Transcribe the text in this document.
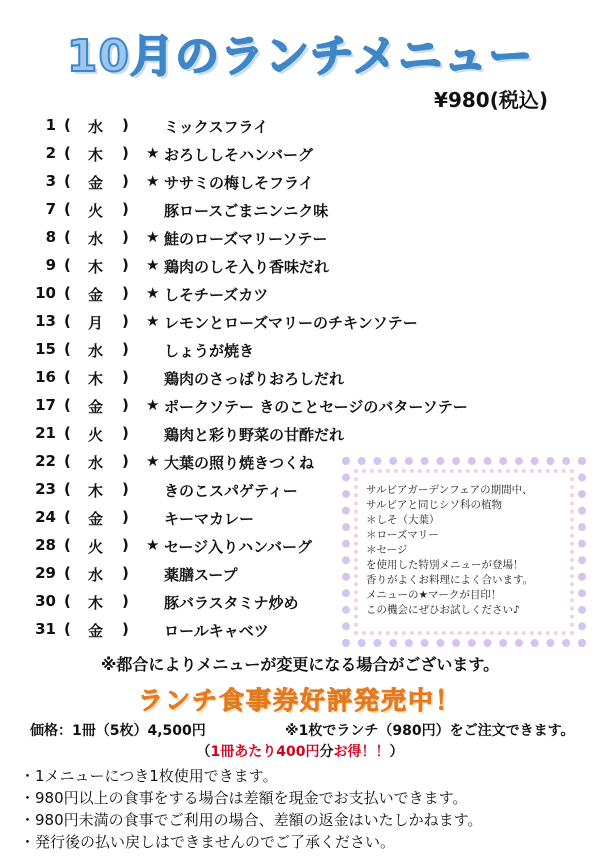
10月のランチメニュー
¥980(税込)
1 ( 水 ) ミックスフライ
2 ( 木 ) ★ おろししそハンバーグ
3 ( 金 ) ★ ササミの梅しそフライ
7 ( 火 ) 豚ロースごまニンニク味
8 ( 水 ) ★ 鮭のローズマリーソテー
9 ( 木 ) ★ 鶏肉のしそ入り香味だれ
10 ( 金 ) ★ しそチーズカツ
13 ( 月 ) ★ レモンとローズマリーのチキンソテー
15 ( 水 ) しょうが焼き
16 ( 木 ) 鶏肉のさっぱりおろしだれ
17 ( 金 ) ★ ポークソテー きのことセージのバターソテー
21 ( 火 ) 鶏肉と彩り野菜の甘酢だれ
22 ( 水 ) ★ 大葉の照り焼きつくね
23 ( 木 ) きのこスパゲティー
24 ( 金 ) キーマカレー
28 ( 火 ) ★ セージ入りハンバーグ
29 ( 水 ) 薬膳スープ
30 ( 木 ) 豚バラスタミナ炒め
31 ( 金 ) ロールキャベツ
サルビアガーデンフェアの期間中、
サルビアと同じシソ科の植物
＊しそ（大葉）
＊ローズマリー
＊セージ
を使用した特別メニューが登場！
香りがよくお料理によく合います。
メニューの★マークが目印！
この機会にぜひお試しください♪
※都合によりメニューが変更になる場合がございます。
ランチ食事券好評発売中！
価格：1冊（5枚）4,500円	※1枚でランチ（980円）をご注文できます。
（1冊あたり400円分お得！！）
・1メニューにつき1枚使用できます。
・980円以上の食事をする場合は差額を現金でお支払いできます。
・980円未満の食事でご利用の場合、差額の返金はいたしかねます。
・発行後の払い戻しはできませんのでご了承ください。
